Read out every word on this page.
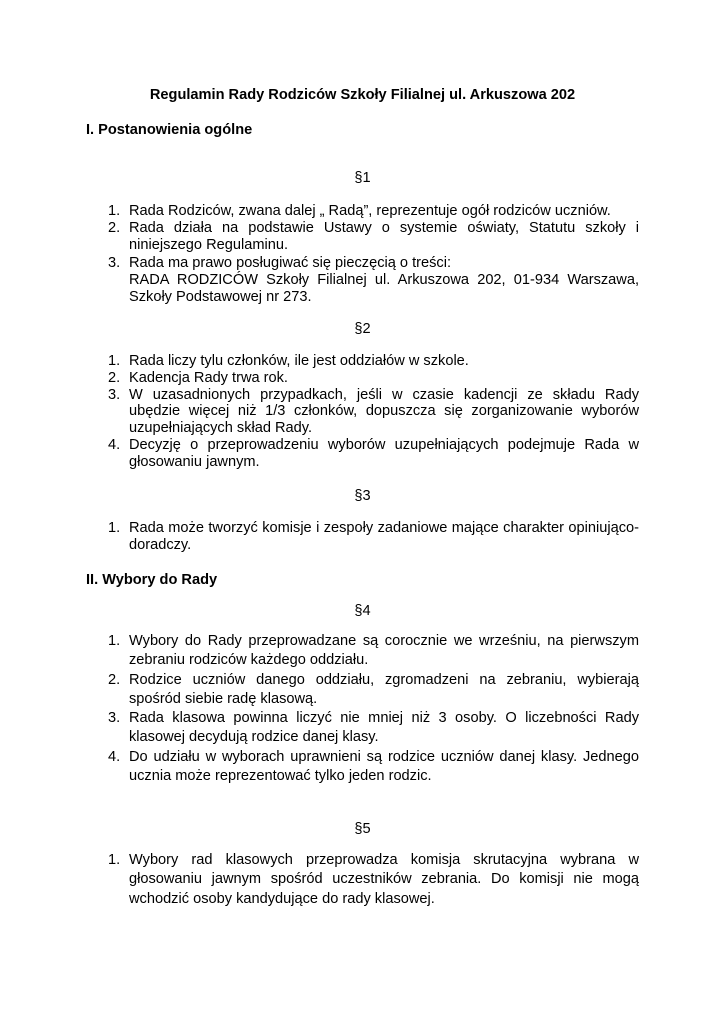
Regulamin Rady Rodziców Szkoły Filialnej ul. Arkuszowa 202
I. Postanowienia ogólne
§1
1. Rada Rodziców, zwana dalej „ Radą”, reprezentuje ogół rodziców uczniów.
2. Rada działa na podstawie Ustawy o systemie oświaty, Statutu szkoły i niniejszego Regulaminu.
3. Rada ma prawo posługiwać się pieczęcią o treści:
RADA RODZICÓW Szkoły Filialnej ul. Arkuszowa 202, 01-934 Warszawa, Szkoły Podstawowej nr 273.
§2
1. Rada liczy tylu członków, ile jest oddziałów w szkole.
2. Kadencja Rady trwa rok.
3. W uzasadnionych przypadkach, jeśli w czasie kadencji ze składu Rady ubędzie więcej niż 1/3 członków, dopuszcza się zorganizowanie wyborów uzupełniających skład Rady.
4. Decyzję o przeprowadzeniu wyborów uzupełniających podejmuje Rada w głosowaniu jawnym.
§3
1. Rada może tworzyć komisje i zespoły zadaniowe mające charakter opiniująco-doradczy.
II. Wybory do Rady
§4
1. Wybory do Rady przeprowadzane są corocznie we wrześniu, na pierwszym zebraniu rodziców każdego oddziału.
2. Rodzice uczniów danego oddziału, zgromadzeni na zebraniu, wybierają spośród siebie radę klasową.
3. Rada klasowa powinna liczyć nie mniej niż 3 osoby. O liczebności Rady klasowej decydują rodzice danej klasy.
4. Do udziału w wyborach uprawnieni są rodzice uczniów danej klasy. Jednego ucznia może reprezentować tylko jeden rodzic.
§5
1. Wybory rad klasowych przeprowadza komisja skrutacyjna wybrana w głosowaniu jawnym spośród uczestników zebrania. Do komisji nie mogą wchodzić osoby kandydujące do rady klasowej.
